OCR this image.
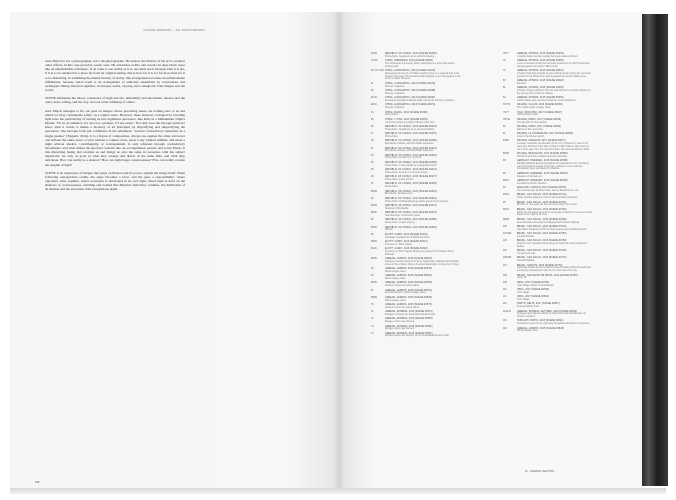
CLAUDE MORDOW — ALL PHOTOGRAPHY

Alex Majoli is not a photographer, but a dis-photographer. He undoes the illusion of his art to produce other effects, in this case pictorial, scenic ones. He articulates reality and reveals its deep black tones like an unfathomable adventure. If, in order to see reality as it is, one must see it through what it is not, if it is to be rendered in a place far from its original setting, this is how far it is for far more than for it to be disturbing. In exhibiting the dismal destiny of reality, this arrangement becomes an unfathomable affirmation, because vision itself is an arrangement of authority ensembled by conventions and techniques. Being distorted signifies, in baroque terms, varying one's standpoint from images and the world.

SCENE eliminates the theory conscience of light and fan, immobility and movement, interior and the outer, dead, aching, and the way we look at the suffering of others.

Alex Majoli manages to fix our gaze on images whose prevailing issues are nothing new to us and which we may contemplate safely on a regular basis. However, these shadows corrupted by invading light have the particularity of turning us into legitimate spectators, like Paris in a Midsummer Night's Dream. "I'll be an audience, for once too, perhaps, if I see cause." Not only does the baroque spirit not know what it wants, it makes a mockery of all principles by objectifying and subjectifying the spectators. The baroque form put confidence in the emptiness, "several contradictory intentions in a single gesture" (Eugenio d'Ors). It is a figure of composition, always one against the other and never one without the other, never a curve without a counter curve, never a day without sublime, and never a night without shadow. Centrifugality, or contrapuntism, is only achieved through contradictory movements: and what makes the spectator restrain into an accomplished, passive and active Pinch, is this disturbing fusing that troubles us and brings us onto the stage in resonance with the subject depictions: we only as good as what they arrange and distort at the same time, and what they anticipate. How can reality be a shadow? How can night beget consciousness? How can reality contain the enigma of light?

SCENE is an experience of images that plays on illusion and its power, against the image itself. When following extrapolative reality, the stage becomes a trace, and the gaze a responsibility: where opposites come together, where revelation is developed in its own right, where light is dead on the shadows of consciousness, rebelling and twisted like Bernini's indecisive columns, the distillation of an illusion and the encounter with surreptitious depth.

338
333/9	REPUBLIC OF CONGO, 2013 [SCENE #0456]
Pointe-Noire. Supporters at an electoral meeting.
17/2/5	CHINA, SHENZHEN, 2013 [SCENE #0468]
The employees of a beauty parlour participate in a group rally before starting work.
18, 19 / 12/0 CHINA, GUANGZHOU, 2013 [SCENE #0479]
Passengers among the 2.5 billion heading home on a regional train in the Chinese New Year. The annual internal migration, one of the biggest in the world, is called Chunyun.
21	CHINA, GUANGZHOU, 2013 [SCENE #0279]
Chunyun migration.
22	CHINA, GUANGZHOU, 2013 [SCENE #0288]
Chunyun migration.
21/32	CHINA, GUANGZHOU, 2013 [SCENE #0297]
Evening at Guangzhou railway station during the Chunyun migration.
22/10	CHINA, GUANGZHOU, 2013 [SCENE #0274]
Chunyun migration.
24	CHINA, MAQIU, 2013 [SCENE #0363]
Dock worker.
25	CHINA, YI HAN, 2013 [SCENE #0356]
Local food market just before Chinese New Year.
26	REPUBLIC OF CONGO, 2013 [SCENE #0443]
Pointe-Noire. Supporters at an electoral building.
27	REPUBLIC OF CONGO, 2013 [SCENE #0175]
Pointe-Noire.
30	REPUBLIC OF CONGO, 2013 [SCENE #0180]
Brazzaville outskirts, with Red Wash supporters.
31	REPUBLIC OF CONGO, 2013 [SCENE #0201]
Brazzaville outskirts, with Red Wash supporters.
33	REPUBLIC OF CONGO, 2013 [SCENE #0205]
Pointe-Noire. Ceremony in a church.
34	REPUBLIC OF CONGO, 2013 [SCENE #0209]
Pointe-Noire. A man outside an evangelical church.
35	REPUBLIC OF CONGO, 2013 [SCENE #0213]
Pointe-Noire. Funeral of a 16-year-old girl.
36	REPUBLIC OF CONGO, 2013 [SCENE #0227]
Pointe-Noire. Inside the Pol.
37	REPUBLIC OF CONGO, 2013 [SCENE #0235]
Pointe-Noire.
38/39	REPUBLIC OF CONGO, 2013 [SCENE #0251]
Brazzaville. Sankana court.
40	REPUBLIC OF CONGO, 2013 [SCENE #0263]
Pointe-Noire. Political gathering outside government members.
48/49	REPUBLIC OF CONGO, 2013 [SCENE #0274]
Students in Brazzaville.
50/50	REPUBLIC OF CONGO, 2013 [SCENE #0279]
Near Bacongo. Construction visas.
52	REPUBLIC OF CONGO, 2013 [SCENE #0288]
Pointe-Noire. People praying.
54/55	REPUBLIC OF CONGO, 2013 [SCENE #0295]
Mbomo.
56	EGYPT, CAIRO, 2013 [SCENE #0304]
Campaign headquarters of Mohamed Morsi.
56/59	EGYPT, CAIRO, 2013 [SCENE #0313]
Protesters in Tahrir square.
61/20	EGYPT, CAIRO, 2013 [SCENE #0320]
Protesters in Tahrir Square listening to a speech by President Hosni Mubarak.
62/25	GREECE, LESBOS, 2015 [SCENE #0542]
Refugees, predominantly from Syria, Afghanistan, Pakistan and Somalia arrive on the northern shores of Lesbos island after crossing from Turkey.
63	GREECE, LESBOS, 2015 [SCENE #0546]
Moria refugee camp.
64	GREECE, LESBOS, 2015 [SCENE #0551]
Moria refugee camp.
65/66	GREECE, LESBOS, 2015 [SCENE #0556]
Northern shores of Lesbos island.
67	GREECE, LESBOS, 2015 [SCENE #0561]
Food distribution in Moria refugee camp.
68/69	GREECE, LESBOS, 2015 [SCENE #0565]
Moria refugee camp.
70	GREECE, LESBOS, 2015 [SCENE #0570]
Northern shores of Lesbos island.
71	GREECE, IDOMENI, 2015 [SCENE #0576]
Refugees crossing the Greek-Macedonian border.
72	GREECE, IDOMENI, 2015 [SCENE #0583]
Refugee camp near Idomeni.
73	GREECE, IDOMENI, 2015 [SCENE #0590]
Refugee camp near Idomeni.
74	GREECE, IDOMENI, 2015 [SCENE #0597]
Refugee camp near Idomeni, on the Greek-Macedonian border.
76/77	GREECE, ATHENS, 2015 [SCENE #0603]
A Golden Dawn member singing the Greek national anthem.
78	GREECE, ATHENS, 2015 [SCENE #0608]
A man is arrested during the memorial protests for the 1973 polytechnic uprising against the Greek military junta.
79	GREECE, ATHENS, 2015 [SCENE #0614]
A Syrian Kurd Ayia Anastasi to seek political asylum during the memorial protests for the Polytechnic uprising against the Greek military junta.
80	GREECE, ATHENS, 2015 [SCENE #0620]
Elections.
81	GREECE, ATHENS, 2015 [SCENE #0625]
A Syrian refugee waiting for the taxi seat with five men while stopping on the journey from Lesbos to Piraeus.
82	GREECE, ATHENS, 2015 [SCENE #0630]
Golden Dawn party members inside the Greek parliament.
74/74b	FRANCE, CALAIS, 2016 [SCENE #0638]
The 'Calais jungle' refugee camp.
76/77	ITALY, ROCCHINI, 2017 [SCENE #0647]
Yellow Factory clash.
78/79a	FRANCE, PARIS, 2017 [SCENE #0656]
The day after the first attacks.
80	FRANCE, PARIS, 2017 [SCENE #0662]
Marine on the commotion.
81	FRANCE, LA COURNEUVE, 2017 [SCENE #0669]
A bar in the Roman suburb.
84/82	FRANCE, ORLEANS, 2017 [SCENE #0674]
Festival to celebrate the liberation of the city of Orleans by Joan of Arc during the Hundred Years War on May 8, 1429. Soldiers, after a kind of man, at the age of 19, she was burnt alive. She was canonized in 1920.
85/86	FRANCE, BESANCON, 2017 [SCENE #0680]
Richard Kruk former outside convention boarding.
88	GERMANY, DRESDEN, 2015 [SCENE #0688]
PEGIDA (Patriotic Europeans Against the Islamisation of the Occident) march through the streets of Dresden, calling for more restrictive immigration rules, particularly for Muslims.
89	GERMANY, DRESDEN, 2015 [SCENE #0693]
Museum of Colorado art.
90/91	GERMANY, DRESDEN, 2015 [SCENE #0699]
Kreuzkirche church, Dresden.
92	ENGLAND, LONDON, 2017 [SCENE #0706]
The morning after the Brexit vote, Jeremy Winterbourne, Ltd.
93/94	BRAZIL, SAO PAULO, 2016 [SCENE #0714]
Police contrast against a crowd of demonstration protestors.
95	BRAZIL, SAO PAULO, 2016 [SCENE #0722]
Brazilia, 21. Ten years the time at every living in the streets.
96/97	BRAZIL, SAO PAULO, 2016 [SCENE #0730]
MTST, the homeless movement, occupying a building in the center of Sao Paulo on the night of 25 June.
98/99	BRAZIL, SAO PAULO, 2016 [SCENE #0738]
Demonstration increasing the Marginal Da Pinheiros highway.
100	BRAZIL, SAO PAULO, 2016 [SCENE #0744]
Sao Paulo, Ibirapuera. MTST occupying land near Guarulhos Airport.
101/102	BRAZIL, SAO PAULO, 2016 [SCENE #0752]
Avenida Paulista.
103	BRAZIL, SAO PAULO, 2016 [SCENE #0758]
Reporter from Televisão interviewing a criminal who was paralyzed in Sudan.
104	BRAZIL, SAO PAULO, 2016 [SCENE #0763]
A motorcycle rally.
105/106	BRAZIL, SAO PAULO, 2016 [SCENE #0770]
Avenida Paulista.
107	BRAZIL, SANTOS, 2016 [SCENE #0776]
Gathering outside a hotel in Santos where President Dilma Rousseff was presenting a development plan for the north east of the city.
108	BRAZIL, SALVADOR DE BAHIA, 2016 [SCENE #0782]
Luisa, 18.
109	INDIA, 2017 [SCENE #0789]
Toxic village, district of Sindhudurgh.
110	INDIA, 2017 [SCENE #0795]
Toxic village.
111	INDIA, 2017 [SCENE #0801]
Toxic village.
112	NORTH, DELHI, 2017 [SCENE #0807]
Chennai Shanty Town.
113/114	GREECE, IDOMENI, KETTIERI, 2016 [SCENE #0814]
Refugees and migrants waiting to board a ship that will take them to Athens in Piraeus.
115	HUNGARY, BAPTA, 2015 [SCENE #0821]
Recruitment event for the right-wing Hungarian self-defence movement.
116	GREECE, LESBOS, 2015 [SCENE #0828]
Moria refugee camp.
11 · GRAPHIC SECTION
